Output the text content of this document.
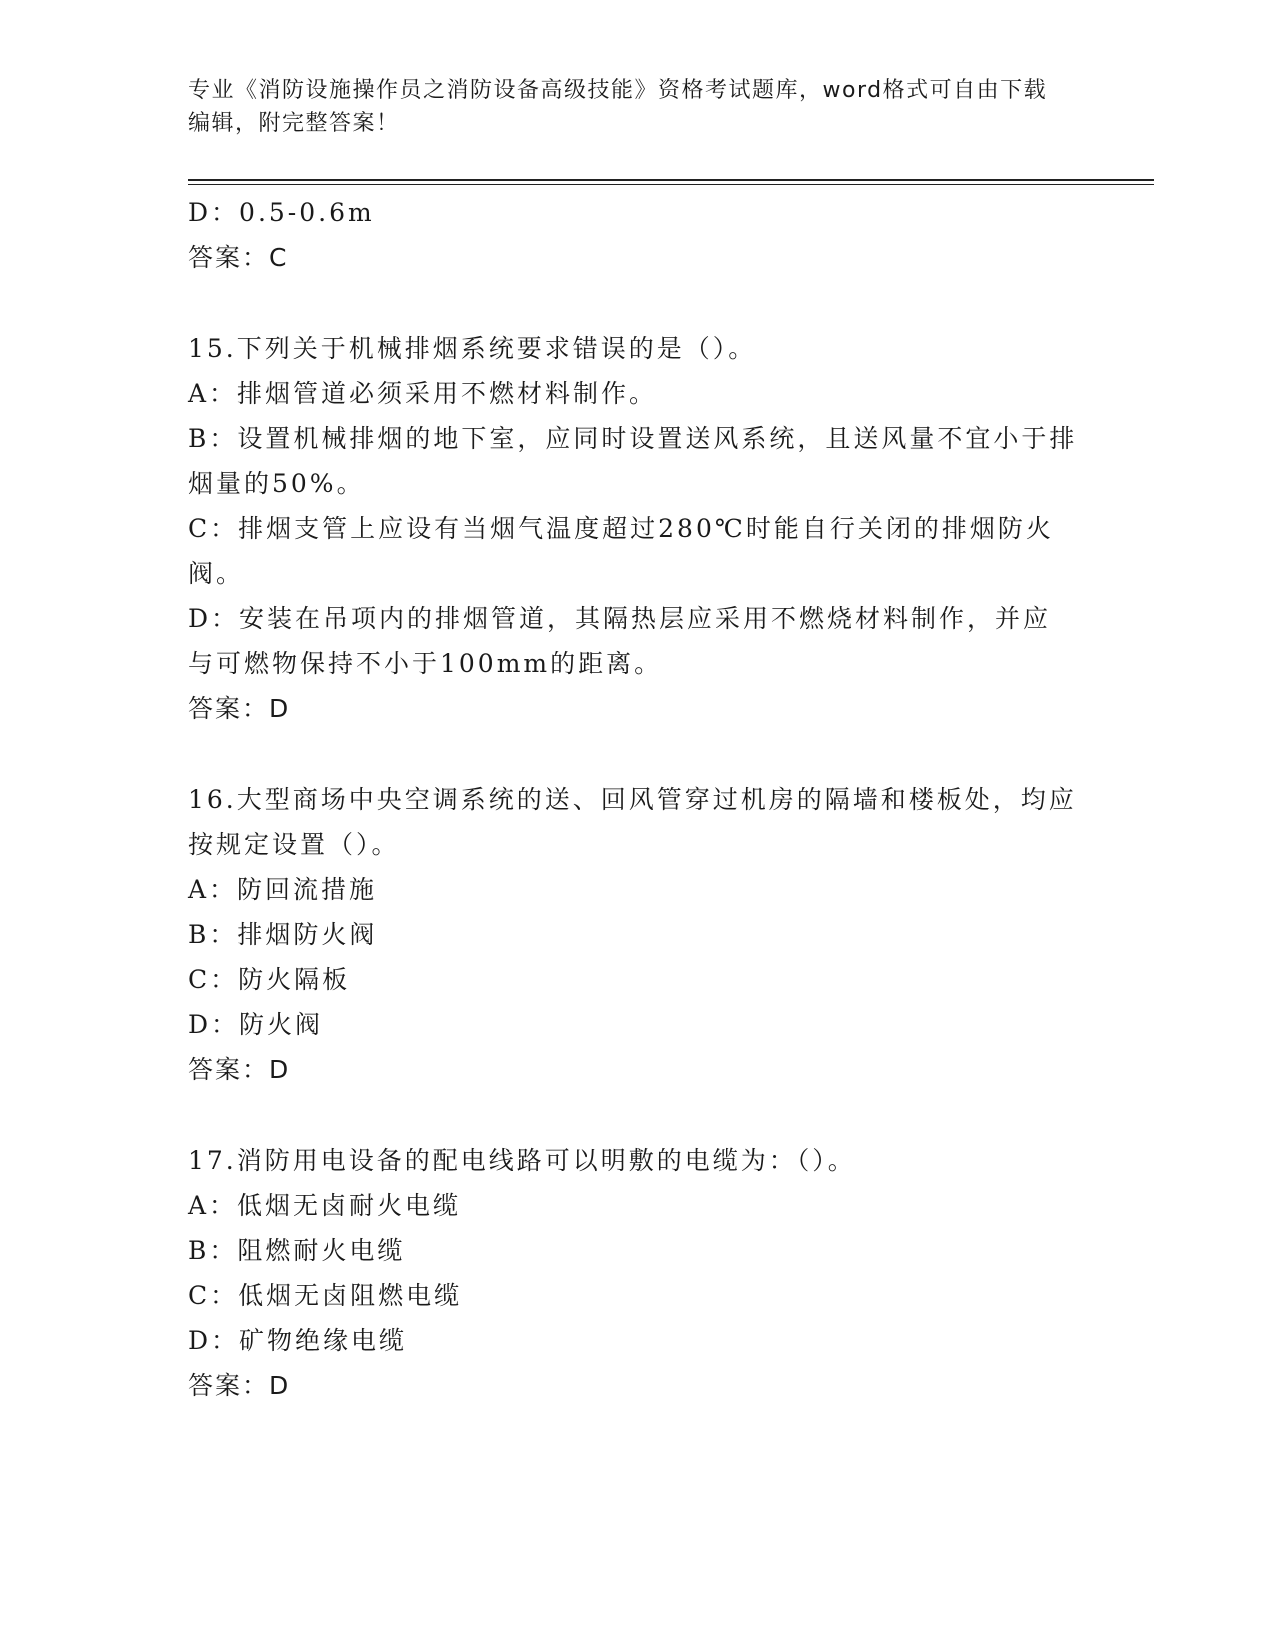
专业《消防设施操作员之消防设备高级技能》资格考试题库，word格式可自由下载编辑，附完整答案！
D：0.5-0.6m
答案：C
15.下列关于机械排烟系统要求错误的是（）。
A：排烟管道必须采用不燃材料制作。
B：设置机械排烟的地下室，应同时设置送风系统，且送风量不宜小于排烟量的50%。
C：排烟支管上应设有当烟气温度超过280℃时能自行关闭的排烟防火阀。
D：安装在吊项内的排烟管道，其隔热层应采用不燃烧材料制作，并应与可燃物保持不小于100mm的距离。
答案：D
16.大型商场中央空调系统的送、回风管穿过机房的隔墙和楼板处，均应按规定设置（）。
A：防回流措施
B：排烟防火阀
C：防火隔板
D：防火阀
答案：D
17.消防用电设备的配电线路可以明敷的电缆为：（）。
A：低烟无卤耐火电缆
B：阻燃耐火电缆
C：低烟无卤阻燃电缆
D：矿物绝缘电缆
答案：D
